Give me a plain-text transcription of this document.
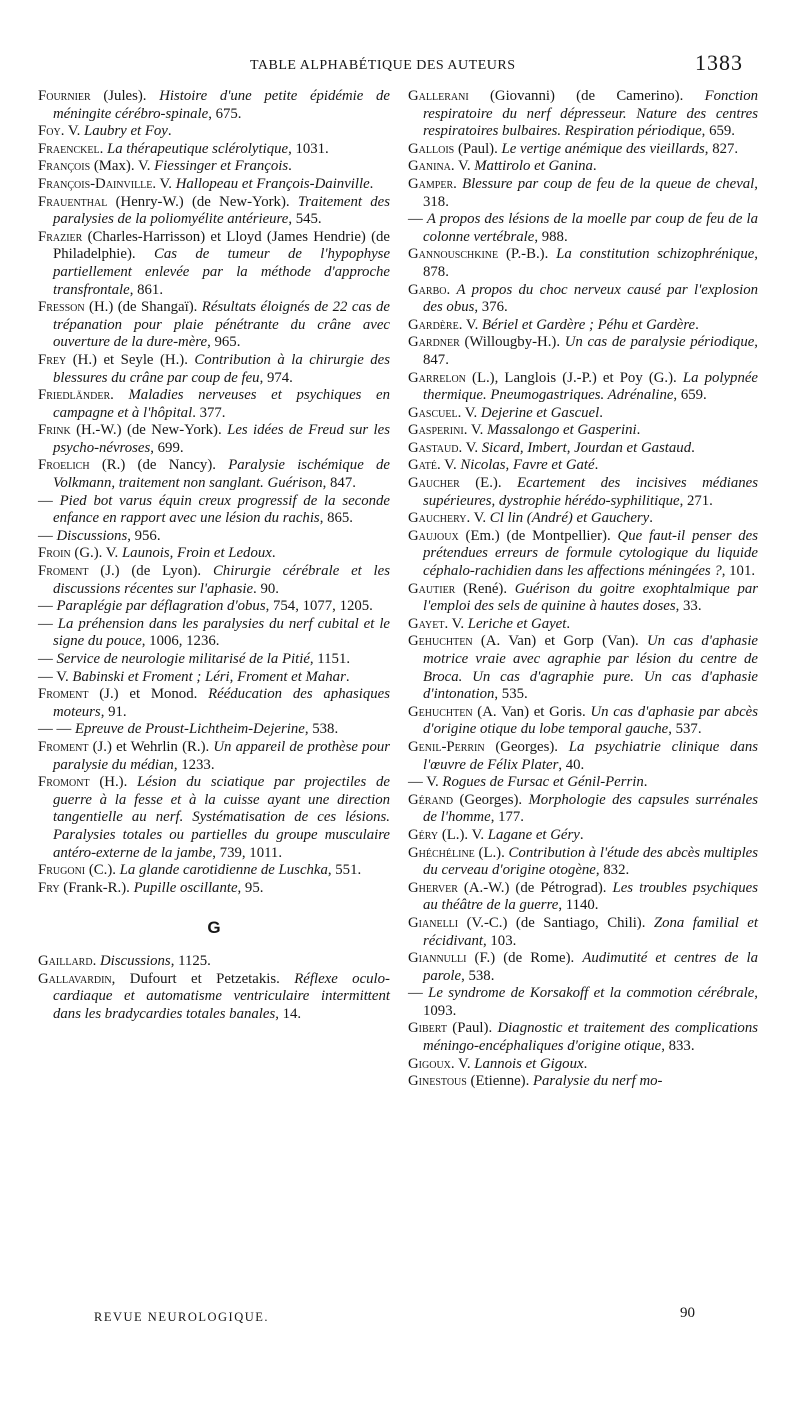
TABLE ALPHABÉTIQUE DES AUTEURS	1383

Fournier (Jules). Histoire d'une petite épidémie de méningite cérébro-spinale, 675.

Foy. V. Laubry et Foy.

Fraenckel. La thérapeutique sclérolytique, 1031.

François (Max). V. Fiessinger et François.

François-Dainville. V. Hallopeau et François-Dainville.

Frauenthal (Henry-W.) (de New-York). Traitement des paralysies de la poliomyélite antérieure, 545.

Frazier (Charles-Harrisson) et Lloyd (James Hendrie) (de Philadelphie). Cas de tumeur de l'hypophyse partiellement enlevée par la méthode d'approche transfrontale, 861.

Fresson (H.) (de Shangaï). Résultats éloignés de 22 cas de trépanation pour plaie pénétrante du crâne avec ouverture de la dure-mère, 965.

Frey (H.) et Seyle (H.). Contribution à la chirurgie des blessures du crâne par coup de feu, 974.

Friedländer. Maladies nerveuses et psychiques en campagne et à l'hôpital. 377.

Frink (H.-W.) (de New-York). Les idées de Freud sur les psycho-névroses, 699.

Froelich (R.) (de Nancy). Paralysie ischémique de Volkmann, traitement non sanglant. Guérison, 847.

— Pied bot varus équin creux progressif de la seconde enfance en rapport avec une lésion du rachis, 865.

— Discussions, 956.

Froin (G.). V. Launois, Froin et Ledoux.

Froment (J.) (de Lyon). Chirurgie cérébrale et les discussions récentes sur l'aphasie. 90.

— Paraplégie par déflagration d'obus, 754, 1077, 1205.

— La préhension dans les paralysies du nerf cubital et le signe du pouce, 1006, 1236.

— Service de neurologie militarisé de la Pitié, 1151.

— V. Babinski et Froment ; Léri, Froment et Mahar.

Froment (J.) et Monod. Rééducation des aphasiques moteurs, 91.

— — Epreuve de Proust-Lichtheim-Dejerine, 538.

Froment (J.) et Wehrlin (R.). Un appareil de prothèse pour paralysie du médian, 1233.

Fromont (H.). Lésion du sciatique par projectiles de guerre à la fesse et à la cuisse ayant une direction tangentielle au nerf. Systématisation de ces lésions. Paralysies totales ou partielles du groupe musculaire antéro-externe de la jambe, 739, 1011.

Frugoni (C.). La glande carotidienne de Luschka, 551.

Fry (Frank-R.). Pupille oscillante, 95.

G

Gaillard. Discussions, 1125.

Gallavardin, Dufourt et Petzetakis. Réflexe oculo-cardiaque et automatisme ventriculaire intermittent dans les bradycardies totales banales, 14.

Gallerani (Giovanni) (de Camerino). Fonction respiratoire du nerf dépresseur. Nature des centres respiratoires bulbaires. Respiration périodique, 659.

Gallois (Paul). Le vertige anémique des vieillards, 827.

Ganina. V. Mattirolo et Ganina.

Gamper. Blessure par coup de feu de la queue de cheval, 318.

— A propos des lésions de la moelle par coup de feu de la colonne vertébrale, 988.

Gannouschkine (P.-B.). La constitution schizophrénique, 878.

Garbo. A propos du choc nerveux causé par l'explosion des obus, 376.

Gardère. V. Bériel et Gardère ; Péhu et Gardère.

Gardner (Willougby-H.). Un cas de paralysie périodique, 847.

Garrelon (L.), Langlois (J.-P.) et Poy (G.). La polypnée thermique. Pneumogastriques. Adrénaline, 659.

Gascuel. V. Dejerine et Gascuel.

Gasperini. V. Massalongo et Gasperini.

Gastaud. V. Sicard, Imbert, Jourdan et Gastaud.

Gaté. V. Nicolas, Favre et Gaté.

Gaucher (E.). Ecartement des incisives médianes supérieures, dystrophie hérédo-syphilitique, 271.

Gauchery. V. Cl lin (André) et Gauchery.

Gaujoux (Em.) (de Montpellier). Que faut-il penser des prétendues erreurs de formule cytologique du liquide céphalo-rachidien dans les affections méningées ?, 101.

Gautier (René). Guérison du goitre exophtalmique par l'emploi des sels de quinine à hautes doses, 33.

Gayet. V. Leriche et Gayet.

Gehuchten (A. Van) et Gorp (Van). Un cas d'aphasie motrice vraie avec agraphie par lésion du centre de Broca. Un cas d'agraphie pure. Un cas d'aphasie d'intonation, 535.

Gehuchten (A. Van) et Goris. Un cas d'aphasie par abcès d'origine otique du lobe temporal gauche, 537.

Genil-Perrin (Georges). La psychiatrie clinique dans l'œuvre de Félix Plater, 40.

— V. Rogues de Fursac et Génil-Perrin.

Gérand (Georges). Morphologie des capsules surrénales de l'homme, 177.

Géry (L.). V. Lagane et Géry.

Ghéchéline (L.). Contribution à l'étude des abcès multiples du cerveau d'origine otogène, 832.

Gherver (A.-W.) (de Pétrograd). Les troubles psychiques au théâtre de la guerre, 1140.

Gianelli (V.-C.) (de Santiago, Chili). Zona familial et récidivant, 103.

Giannulli (F.) (de Rome). Audimutité et centres de la parole, 538.

— Le syndrome de Korsakoff et la commotion cérébrale, 1093.

Gibert (Paul). Diagnostic et traitement des complications méningo-encéphaliques d'origine otique, 833.

Gigoux. V. Lannois et Gigoux.

Ginestous (Etienne). Paralysie du nerf mo-

REVUE NEUROLOGIQUE.	90
